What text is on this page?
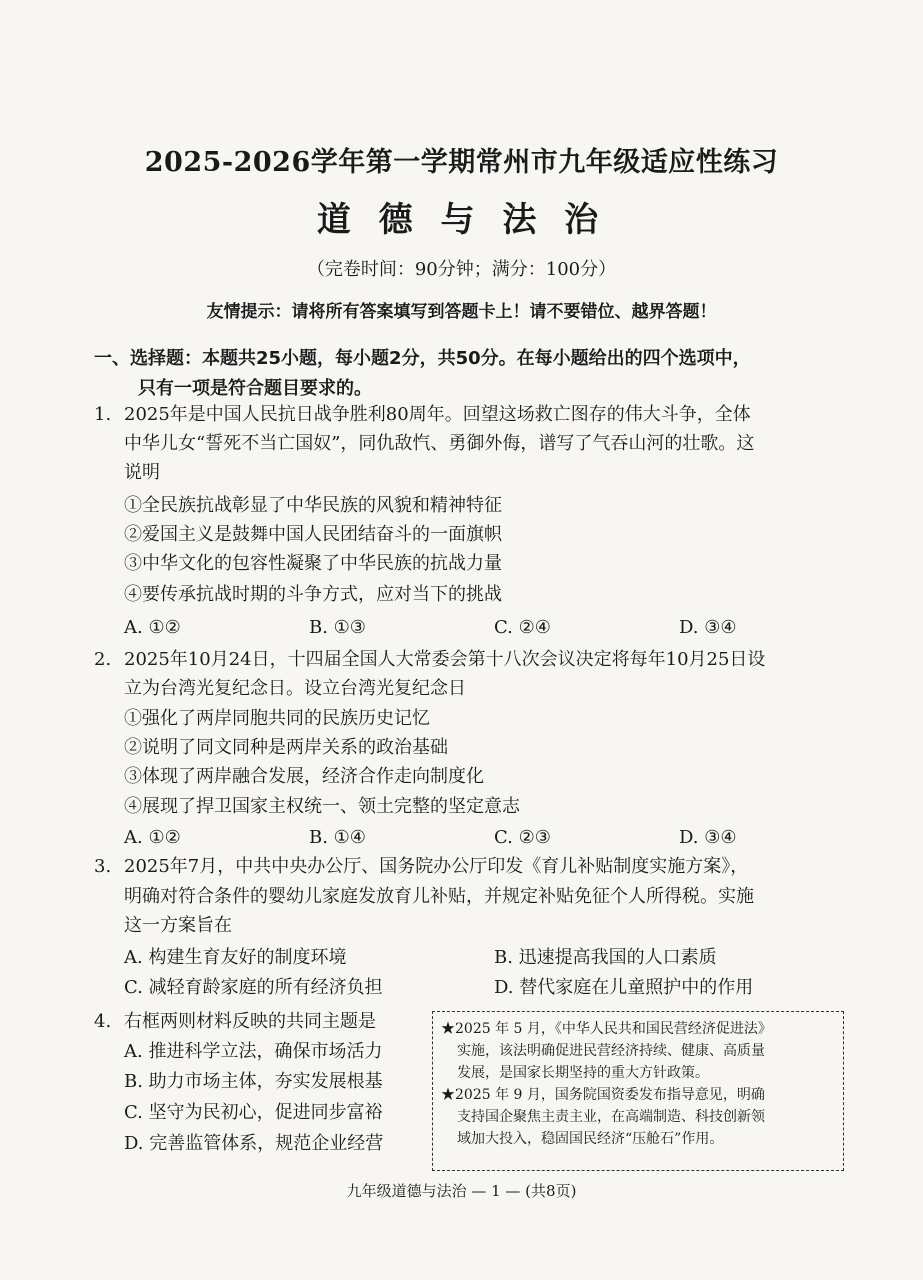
2025-2026学年第一学期常州市九年级适应性练习
道 德 与 法 治
（完卷时间：90分钟；满分：100分）
友情提示：请将所有答案填写到答题卡上！请不要错位、越界答题！
一、选择题：本题共25小题，每小题2分，共50分。在每小题给出的四个选项中，
只有一项是符合题目要求的。
1. 2025年是中国人民抗日战争胜利80周年。回望这场救亡图存的伟大斗争，全体
中华儿女“誓死不当亡国奴”，同仇敌忾、勇御外侮，谱写了气吞山河的壮歌。这
说明
①全民族抗战彰显了中华民族的风貌和精神特征
②爱国主义是鼓舞中国人民团结奋斗的一面旗帜
③中华文化的包容性凝聚了中华民族的抗战力量
④要传承抗战时期的斗争方式，应对当下的挑战
A. ①②	B. ①③	C. ②④	D. ③④
2. 2025年10月24日，十四届全国人大常委会第十八次会议决定将每年10月25日设
立为台湾光复纪念日。设立台湾光复纪念日
①强化了两岸同胞共同的民族历史记忆
②说明了同文同种是两岸关系的政治基础
③体现了两岸融合发展，经济合作走向制度化
④展现了捍卫国家主权统一、领土完整的坚定意志
A. ①②	B. ①④	C. ②③	D. ③④
3. 2025年7月，中共中央办公厅、国务院办公厅印发《育儿补贴制度实施方案》，
明确对符合条件的婴幼儿家庭发放育儿补贴，并规定补贴免征个人所得税。实施
这一方案旨在
A. 构建生育友好的制度环境	B. 迅速提高我国的人口素质
C. 减轻育龄家庭的所有经济负担	D. 替代家庭在儿童照护中的作用
4. 右框两则材料反映的共同主题是
A. 推进科学立法，确保市场活力
B. 助力市场主体，夯实发展根基
C. 坚守为民初心，促进同步富裕
D. 完善监管体系，规范企业经营

★2025 年 5 月，《中华人民共和国民营经济促进法》

实施，该法明确促进民营经济持续、健康、高质量
发展，是国家长期坚持的重大方针政策。

★2025 年 9 月，国务院国资委发布指导意见，明确

支持国企聚焦主责主业，在高端制造、科技创新领
域加大投入，稳固国民经济“压舱石”作用。

九年级道德与法治 — 1 — (共8页)
